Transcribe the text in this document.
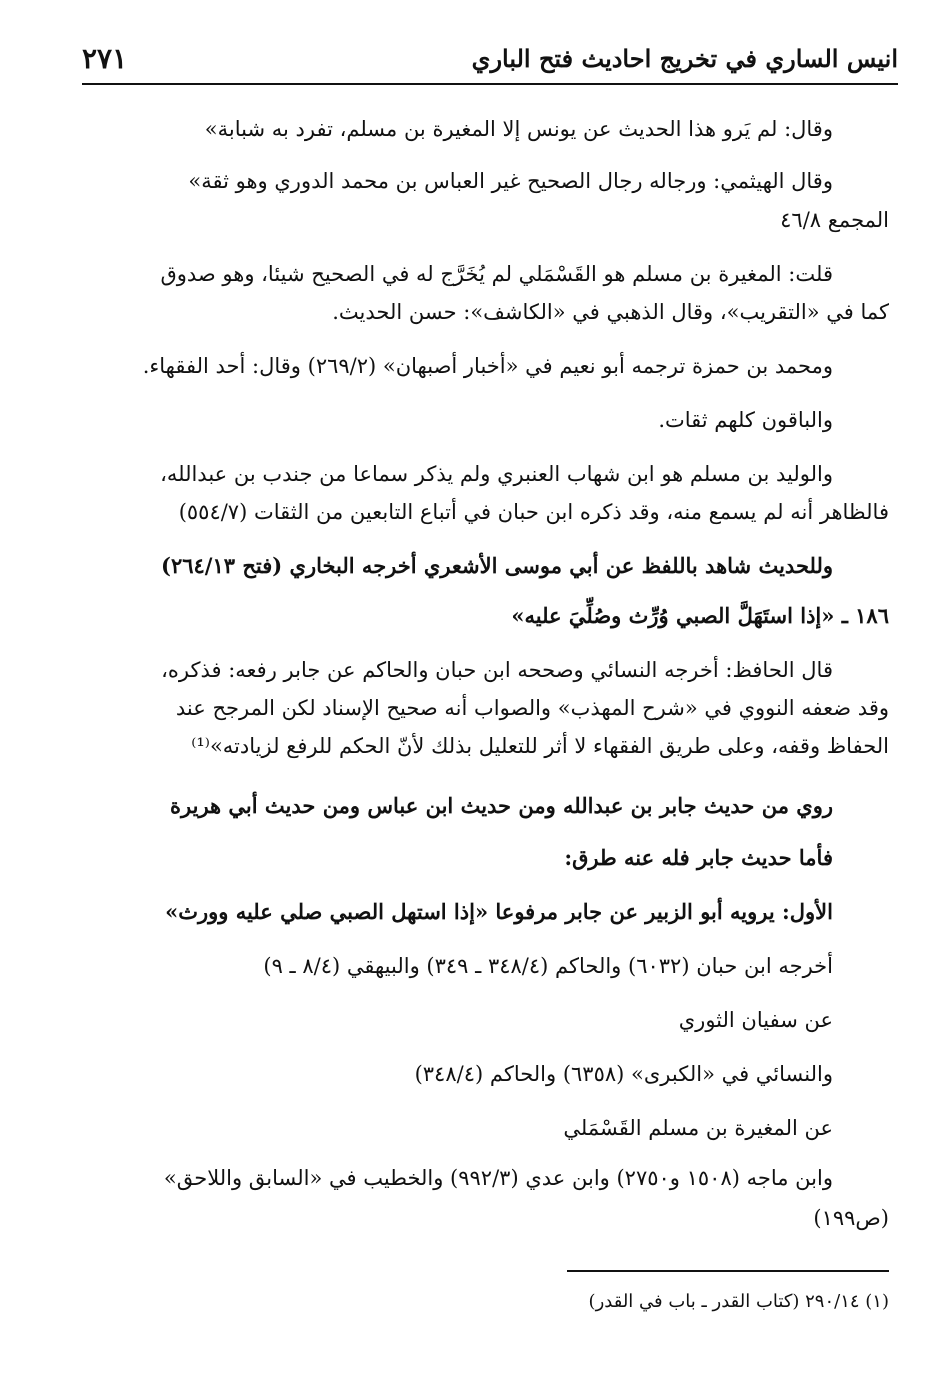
انيس الساري في تخريج احاديث فتح الباري
٢٧١
وقال: لم يَرو هذا الحديث عن يونس إلا المغيرة بن مسلم، تفرد به شبابة»
وقال الهيثمي: ورجاله رجال الصحيح غير العباس بن محمد الدوري وهو ثقة»
المجمع ٤٦/٨
قلت: المغيرة بن مسلم هو القَسْمَلي لم يُخَرَّج له في الصحيح شيئا، وهو صدوق
كما في «التقريب»، وقال الذهبي في «الكاشف»: حسن الحديث.
ومحمد بن حمزة ترجمه أبو نعيم في «أخبار أصبهان» (٢٦٩/٢) وقال: أحد الفقهاء.
والباقون كلهم ثقات.
والوليد بن مسلم هو ابن شهاب العنبري ولم يذكر سماعا من جندب بن عبدالله،
فالظاهر أنه لم يسمع منه، وقد ذكره ابن حبان في أتباع التابعين من الثقات (٥٥٤/٧)
وللحديث شاهد باللفظ عن أبي موسى الأشعري أخرجه البخاري (فتح ٢٦٤/١٣)
١٨٦ ـ «إذا استَهَلَّ الصبي وُرِّث وصُلِّيَ عليه»
قال الحافظ: أخرجه النسائي وصححه ابن حبان والحاكم عن جابر رفعه: فذكره،
وقد ضعفه النووي في «شرح المهذب» والصواب أنه صحيح الإسناد لكن المرجح عند
الحفاظ وقفه، وعلى طريق الفقهاء لا أثر للتعليل بذلك لأنّ الحكم للرفع لزيادته»⁽¹⁾
روي من حديث جابر بن عبدالله ومن حديث ابن عباس ومن حديث أبي هريرة
فأما حديث جابر فله عنه طرق:
الأول: يرويه أبو الزبير عن جابر مرفوعا «إذا استهل الصبي صلي عليه وورث»
أخرجه ابن حبان (٦٠٣٢) والحاكم (٣٤٨/٤ ـ ٣٤٩) والبيهقي (٨/٤ ـ ٩)
عن سفيان الثوري
والنسائي في «الكبرى» (٦٣٥٨) والحاكم (٣٤٨/٤)
عن المغيرة بن مسلم القَسْمَلي
وابن ماجه (١٥٠٨ و٢٧٥٠) وابن عدي (٩٩٢/٣) والخطيب في «السابق واللاحق»
(ص١٩٩)
(١) ٢٩٠/١٤ (كتاب القدر ـ باب في القدر)
